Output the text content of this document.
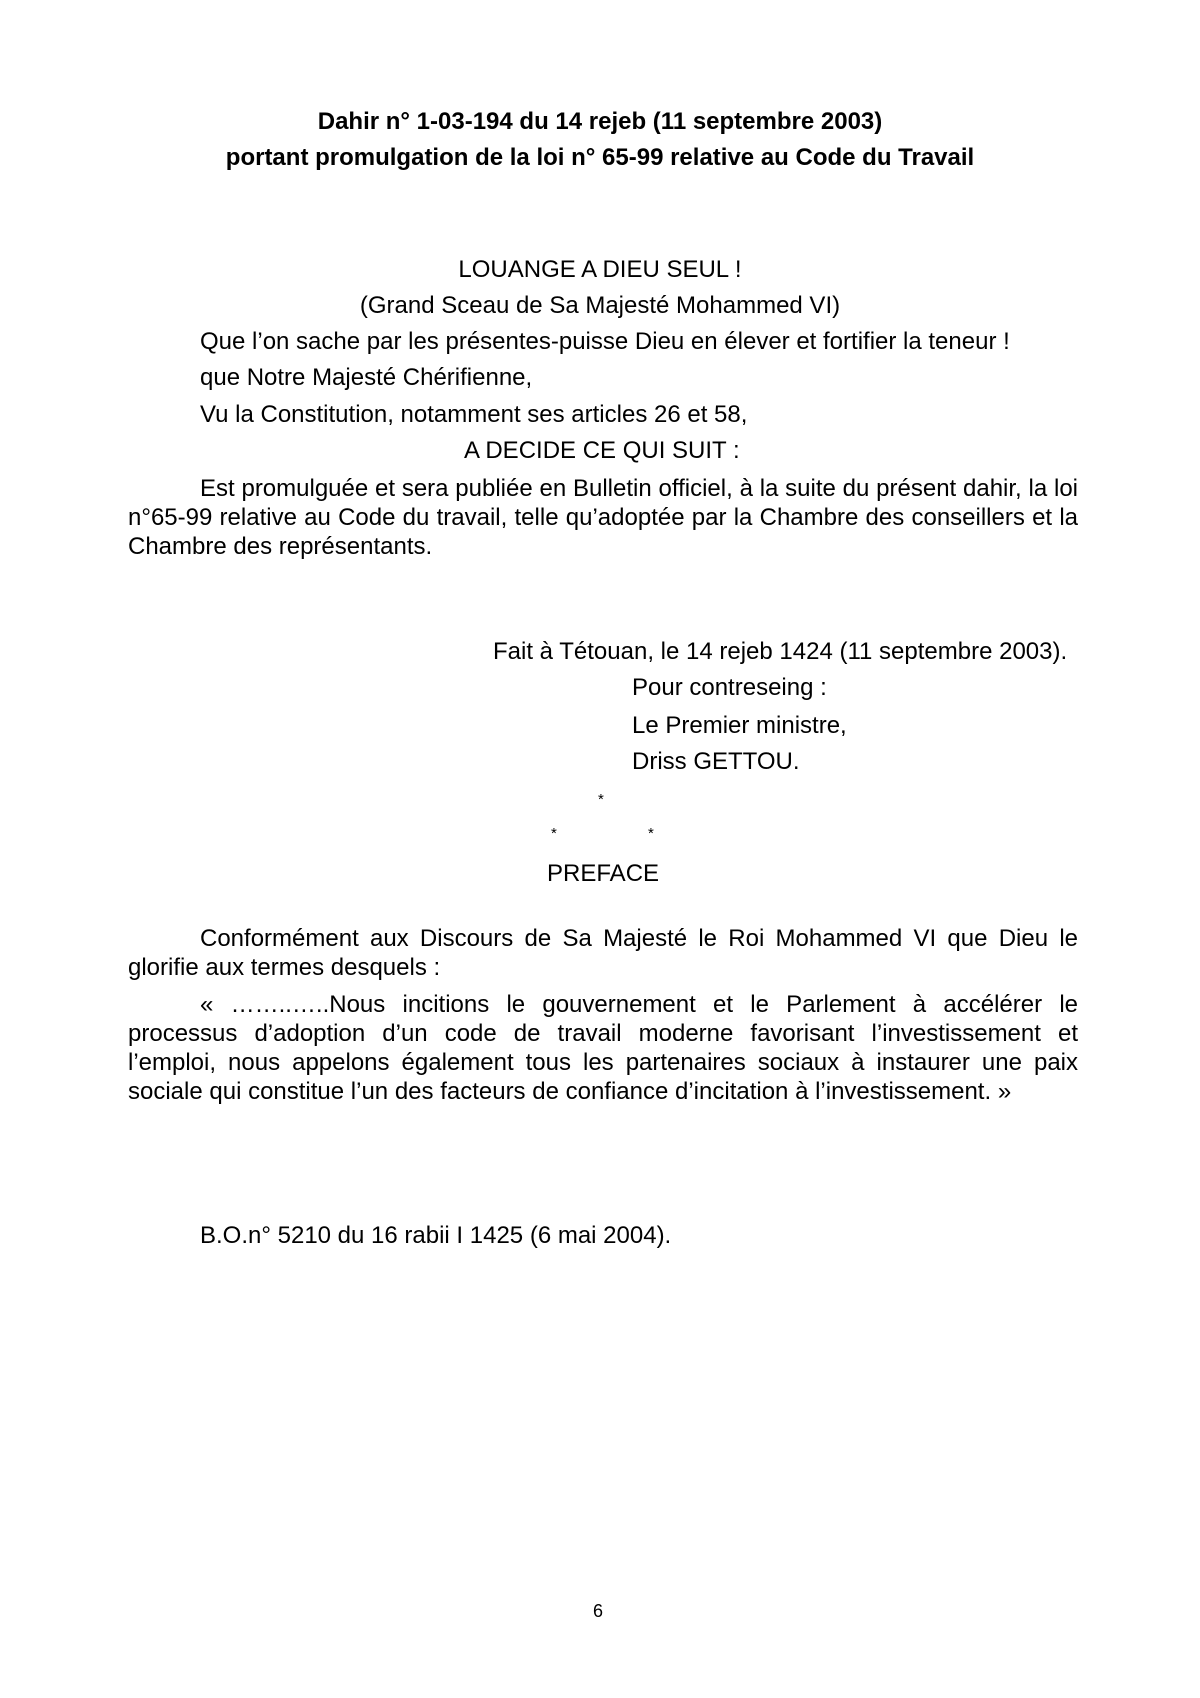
Dahir n° 1-03-194 du 14 rejeb (11 septembre 2003)
portant promulgation de la loi n° 65-99 relative au Code du Travail
LOUANGE A DIEU SEUL !
(Grand Sceau de Sa Majesté Mohammed VI)
Que l’on sache par les présentes-puisse Dieu en élever et fortifier la teneur !
que Notre Majesté Chérifienne,
Vu la Constitution, notamment ses articles 26 et 58,
A DECIDE CE QUI SUIT :
Est promulguée et sera publiée en Bulletin officiel, à la suite du présent dahir, la loi n°65-99 relative au Code du travail, telle qu’adoptée par la Chambre des conseillers et la Chambre des représentants.
Fait à Tétouan, le 14 rejeb 1424 (11 septembre 2003).
Pour contreseing :
Le Premier ministre,
Driss GETTOU.
*
*	*
PREFACE
Conformément aux Discours de Sa Majesté le Roi Mohammed VI que Dieu le glorifie aux termes desquels :
« ……..…..Nous incitions le gouvernement et le Parlement à accélérer le processus d’adoption d’un code de travail moderne favorisant l’investissement et l’emploi, nous appelons également tous les partenaires sociaux à instaurer une paix sociale qui constitue l’un des facteurs de confiance d’incitation à l’investissement. »
B.O.n° 5210 du 16 rabii I 1425 (6 mai 2004).
6
